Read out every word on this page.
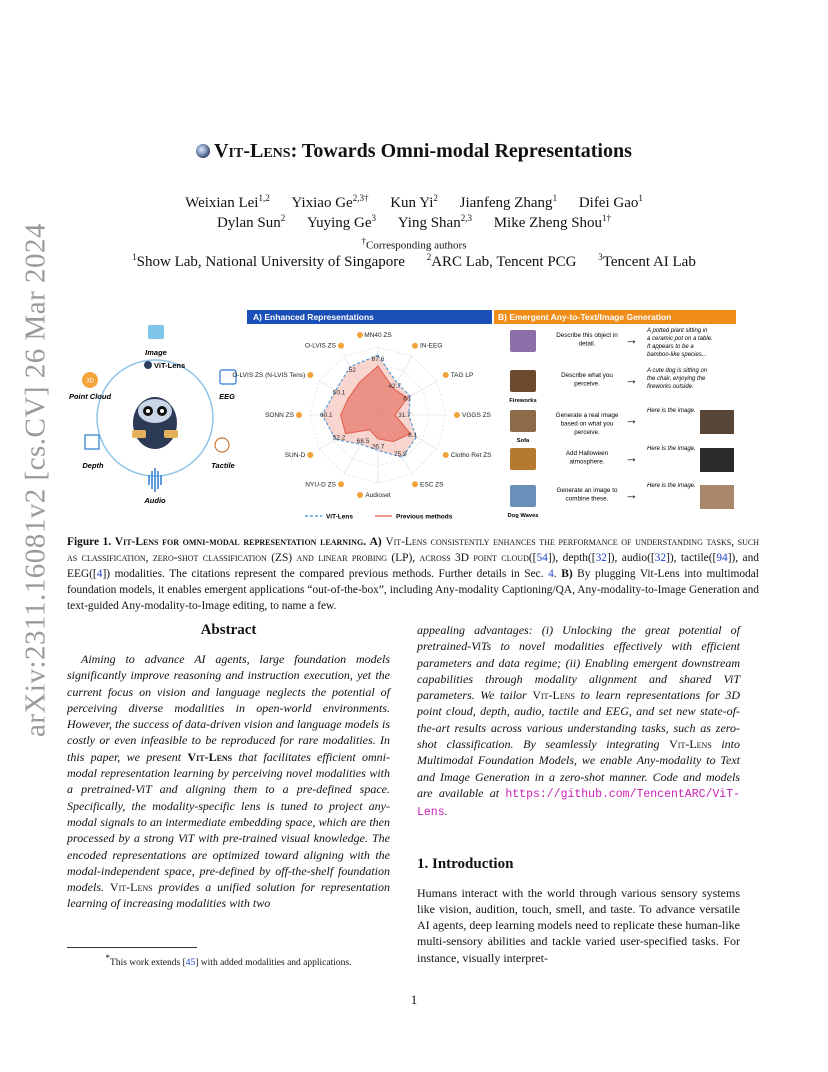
arXiv:2311.16081v2 [cs.CV] 26 Mar 2024
Vit-Lens: Towards Omni-modal Representations
Weixian Lei$^{1,2}$ Yixiao $Ge^{2,3\dagger}$ Kun Yi$^2$ Jianfeng Zhang$^1$ Difei Gao$^1$
Dylan Sun$^2$ Yuying Ge$^3$ Ying Shan$^{2,3}$ Mike Zheng Shou$^{1\dagger}$
†Corresponding authors
$^1$Show Lab, National University of Singapore $^2$ARC Lab, Tencent PCG $^3$Tencent AI Lab
Image
ViT-Lens
3D
Point Cloud	EEG
Depth	Tactile
Audio
A) Enhanced Representations	B) Emergent Any-to-Text/Image Generation
87.6
MN40 ZS
42.7
IN-EEG
63
TAG LP
31.7	VGGS ZS
8.1
Clotho Ret ZS
75.9
ESC ZS
26.7
Audioset
68.5
NYU-D ZS
52.2
SUN-D
60.1
SONN ZS
50.1
O-LVIS ZS (N-LVIS Tens)
52
O-LVIS ZS
ViT-Lens	Previous methods
Describe this object in
detail. →
A potted plant sitting in
a ceramic pot on a table.
It appears to be a
bamboo-like species...
Fireworks
Describe what you
perceive. →
A cute dog is sitting on
the chair, enjoying the
fireworks outside.
Sofa
Generate a real image
based on what you
perceive.
→
Here is the image.
Add Halloween
atmosphere. →
Here is the image.
Dog Waves
Generate an image to
combine these. →
Here is the image.
Figure 1. Vit-Lens for omni-modal representation learning. A) Vit-Lens consistently enhances the performance of understanding tasks, such as classification, zero-shot classification (ZS) and linear probing (LP), across 3D point cloud([54]), depth([32]), audio([32]), tactile([94]), and EEG([4]) modalities. The citations represent the compared previous methods. Further details in Sec. 4. B) By plugging Vit-Lens into multimodal foundation models, it enables emergent applications “out-of-the-box”, including Any-modality Captioning/QA, Any-modality-to-Image Generation and text-guided Any-modality-to-Image editing, to name a few.
Abstract
Aiming to advance AI agents, large foundation models significantly improve reasoning and instruction execution, yet the current focus on vision and language neglects the potential of perceiving diverse modalities in open-world environments. However, the success of data-driven vision and language models is costly or even infeasible to be reproduced for rare modalities. In this paper, we present Vit-Lens that facilitates efficient omni-modal representation learning by perceiving novel modalities with a pretrained-ViT and aligning them to a pre-defined space. Specifically, the modality-specific lens is tuned to project any-modal signals to an intermediate embedding space, which are then processed by a strong ViT with pre-trained visual knowledge. The encoded representations are optimized toward aligning with the modal-independent space, pre-defined by off-the-shelf foundation models. Vit-Lens provides a unified solution for representation learning of increasing modalities with two
appealing advantages: (i) Unlocking the great potential of pretrained-ViTs to novel modalities effectively with efficient parameters and data regime; (ii) Enabling emergent downstream capabilities through modality alignment and shared ViT parameters. We tailor Vit-Lens to learn representations for 3D point cloud, depth, audio, tactile and EEG, and set new state-of-the-art results across various understanding tasks, such as zero-shot classification. By seamlessly integrating Vit-Lens into Multimodal Foundation Models, we enable Any-modality to Text and Image Generation in a zero-shot manner. Code and models are available at https://github.com/TencentARC/ViT-Lens.
1. Introduction
Humans interact with the world through various sensory systems like vision, audition, touch, smell, and taste. To advance versatile AI agents, deep learning models need to replicate these human-like multi-sensory abilities and tackle varied user-specified tasks. For instance, visually interpret-
*This work extends [45] with added modalities and applications.
1
